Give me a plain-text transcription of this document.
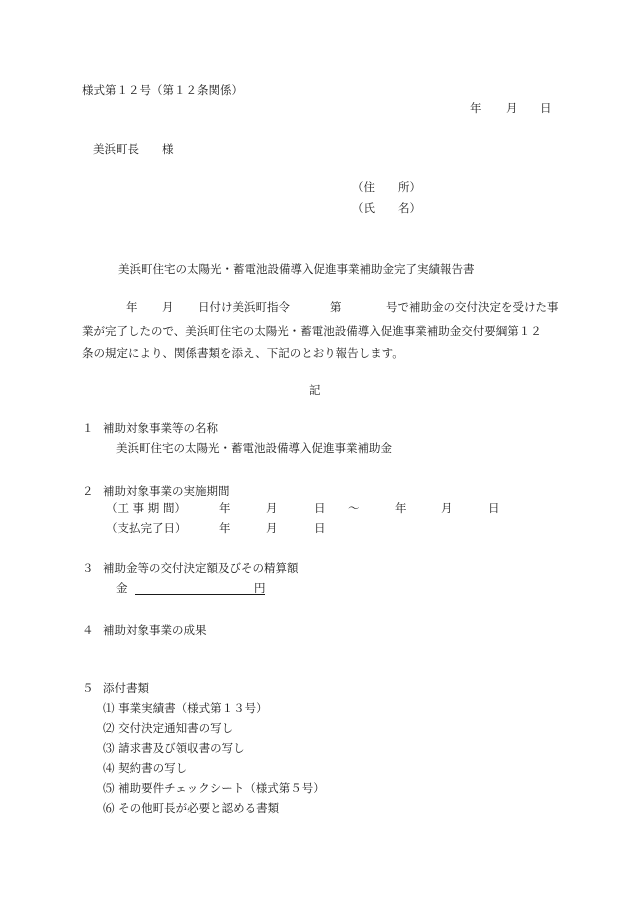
様式第１２号（第１２条関係）
年 月 日
美浜町長 様
（住　　所）
（氏　　名）
美浜町住宅の太陽光・蓄電池設備導入促進事業補助金完了実績報告書
年 月 日付け美浜町指令	第	号で補助金の交付決定を受けた事
業が完了したので、美浜町住宅の太陽光・蓄電池設備導入促進事業補助金交付要綱第１２
条の規定により、関係書類を添え、下記のとおり報告します。
記
１ 補助対象事業等の名称
美浜町住宅の太陽光・蓄電池設備導入促進事業補助金
２ 補助対象事業の実施期間
（工 事 期 間）	年	月	日 ～	年	月	日
（支払完了日）	年	月	日
３ 補助金等の交付決定額及びその精算額
金	円
４ 補助対象事業の成果
５ 添付書類
⑴ 事業実績書（様式第１３号）
⑵ 交付決定通知書の写し
⑶ 請求書及び領収書の写し
⑷ 契約書の写し
⑸ 補助要件チェックシート（様式第５号）
⑹ その他町長が必要と認める書類
